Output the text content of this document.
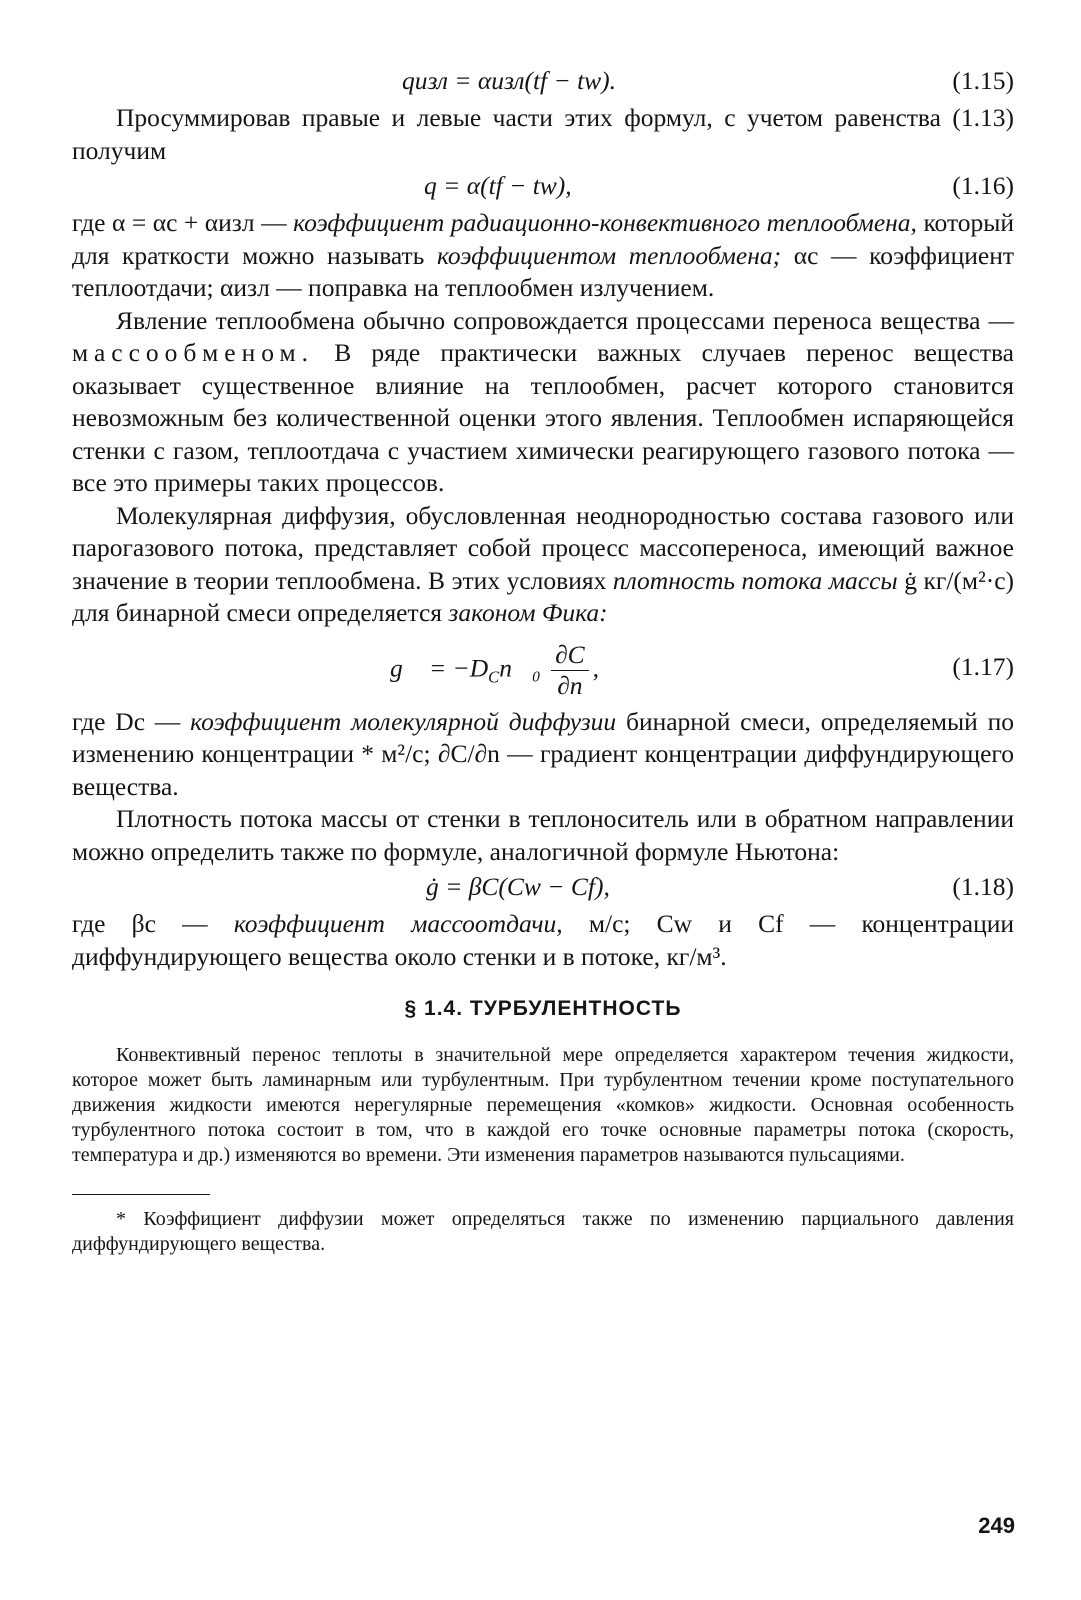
qизл = αизл(tf − tw).	(1.15)

Просуммировав правые и левые части этих формул, с учетом равенства (1.13) получим

q = α(tf − tw),	(1.16)

где α = αс + αизл — коэффициент радиационно-конвективного теплообмена, который для краткости можно называть коэффициентом теплообмена; αс — коэффициент теплоотдачи; αизл — поправка на теплообмен излучением.

Явление теплообмена обычно сопровождается процессами переноса вещества — массообменом. В ряде практически важных случаев перенос вещества оказывает существенное влияние на теплообмен, расчет которого становится невозможным без количественной оценки этого явления. Теплообмен испаряющейся стенки с газом, теплоотдача с участием химически реагирующего газового потока — все это примеры таких процессов.

Молекулярная диффузия, обусловленная неоднородностью состава газового или парогазового потока, представляет собой процесс массопереноса, имеющий важное значение в теории теплообмена. В этих условиях плотность потока массы ġ кг/(м²·с) для бинарной смеси определяется законом Фика:

g⃗ = $-D_Cn⃗_0 \frac{\partial C}{\partial n}$ ,	(1.17)

где Dс — коэффициент молекулярной диффузии бинарной смеси, определяемый по изменению концентрации * м²/с; ∂C/∂n — градиент концентрации диффундирующего вещества.

Плотность потока массы от стенки в теплоноситель или в обратном направлении можно определить также по формуле, аналогичной формуле Ньютона:

ġ = βC(Cw − Cf),	(1.18)

где βс — коэффициент массоотдачи, м/с; Cw и Cf — концентрации диффундирующего вещества около стенки и в потоке, кг/м³.

§ 1.4. ТУРБУЛЕНТНОСТЬ

Конвективный перенос теплоты в значительной мере определяется характером течения жидкости, которое может быть ламинарным или турбулентным. При турбулентном течении кроме поступательного движения жидкости имеются нерегулярные перемещения «комков» жидкости. Основная особенность турбулентного потока состоит в том, что в каждой его точке основные параметры потока (скорость, температура и др.) изменяются во времени. Эти изменения параметров называются пульсациями.

* Коэффициент диффузии может определяться также по изменению парциального давления диффундирующего вещества.

249
